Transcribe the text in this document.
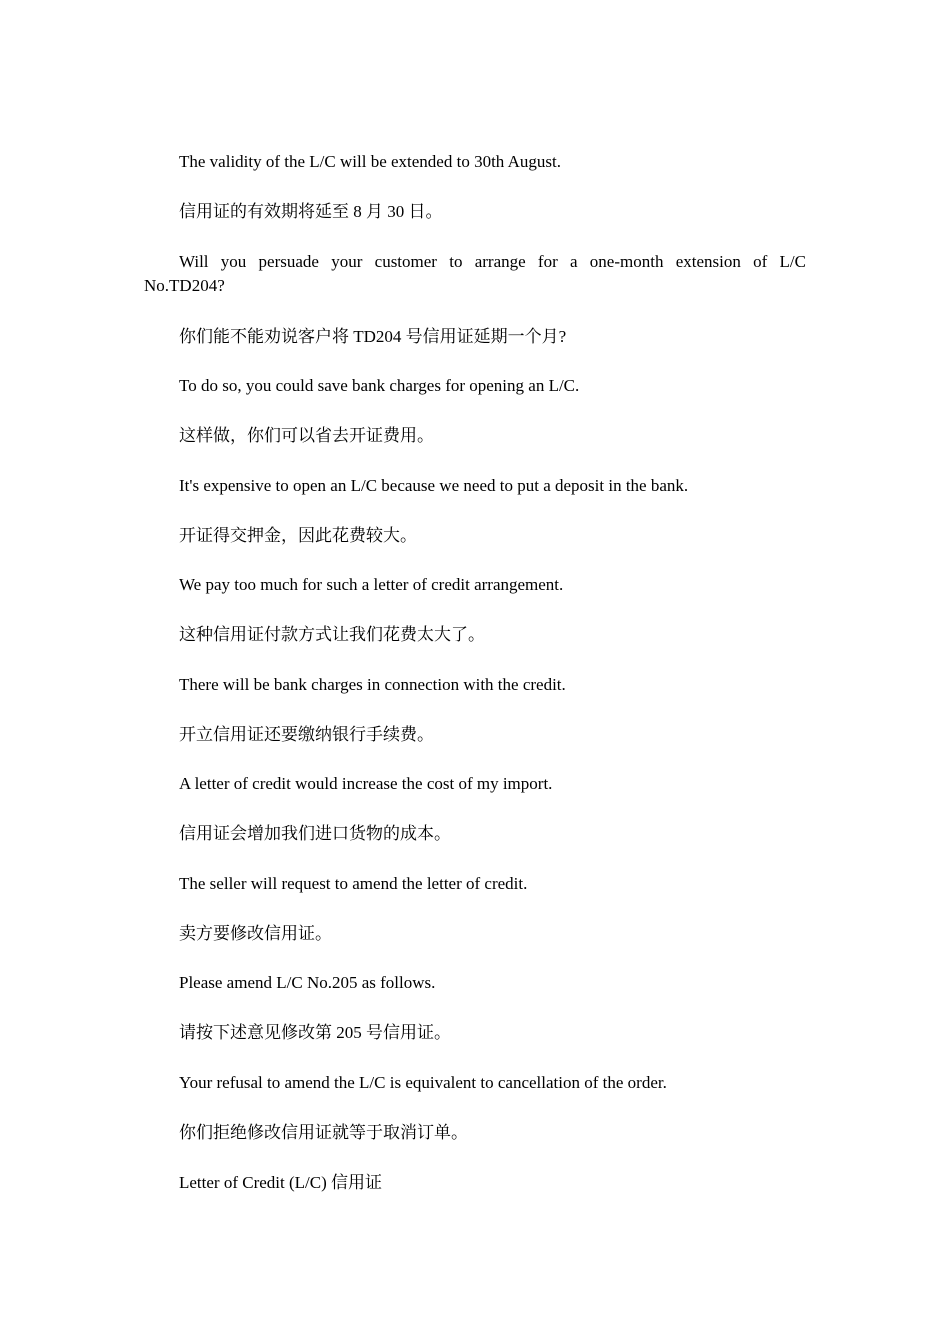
The validity of the L/C will be extended to 30th August.

信用证的有效期将延至 8 月 30 日。

Will you persuade your customer to arrange for a one-month extension of L/C No.TD204?

你们能不能劝说客户将 TD204 号信用证延期一个月?

To do so, you could save bank charges for opening an L/C.

这样做，你们可以省去开证费用。

It's expensive to open an L/C because we need to put a deposit in the bank.

开证得交押金，因此花费较大。

We pay too much for such a letter of credit arrangement.

这种信用证付款方式让我们花费太大了。

There will be bank charges in connection with the credit.

开立信用证还要缴纳银行手续费。

A letter of credit would increase the cost of my import.

信用证会增加我们进口货物的成本。

The seller will request to amend the letter of credit.

卖方要修改信用证。

Please amend L/C No.205 as follows.

请按下述意见修改第 205 号信用证。

Your refusal to amend the L/C is equivalent to cancellation of the order.

你们拒绝修改信用证就等于取消订单。

Letter of Credit (L/C) 信用证
